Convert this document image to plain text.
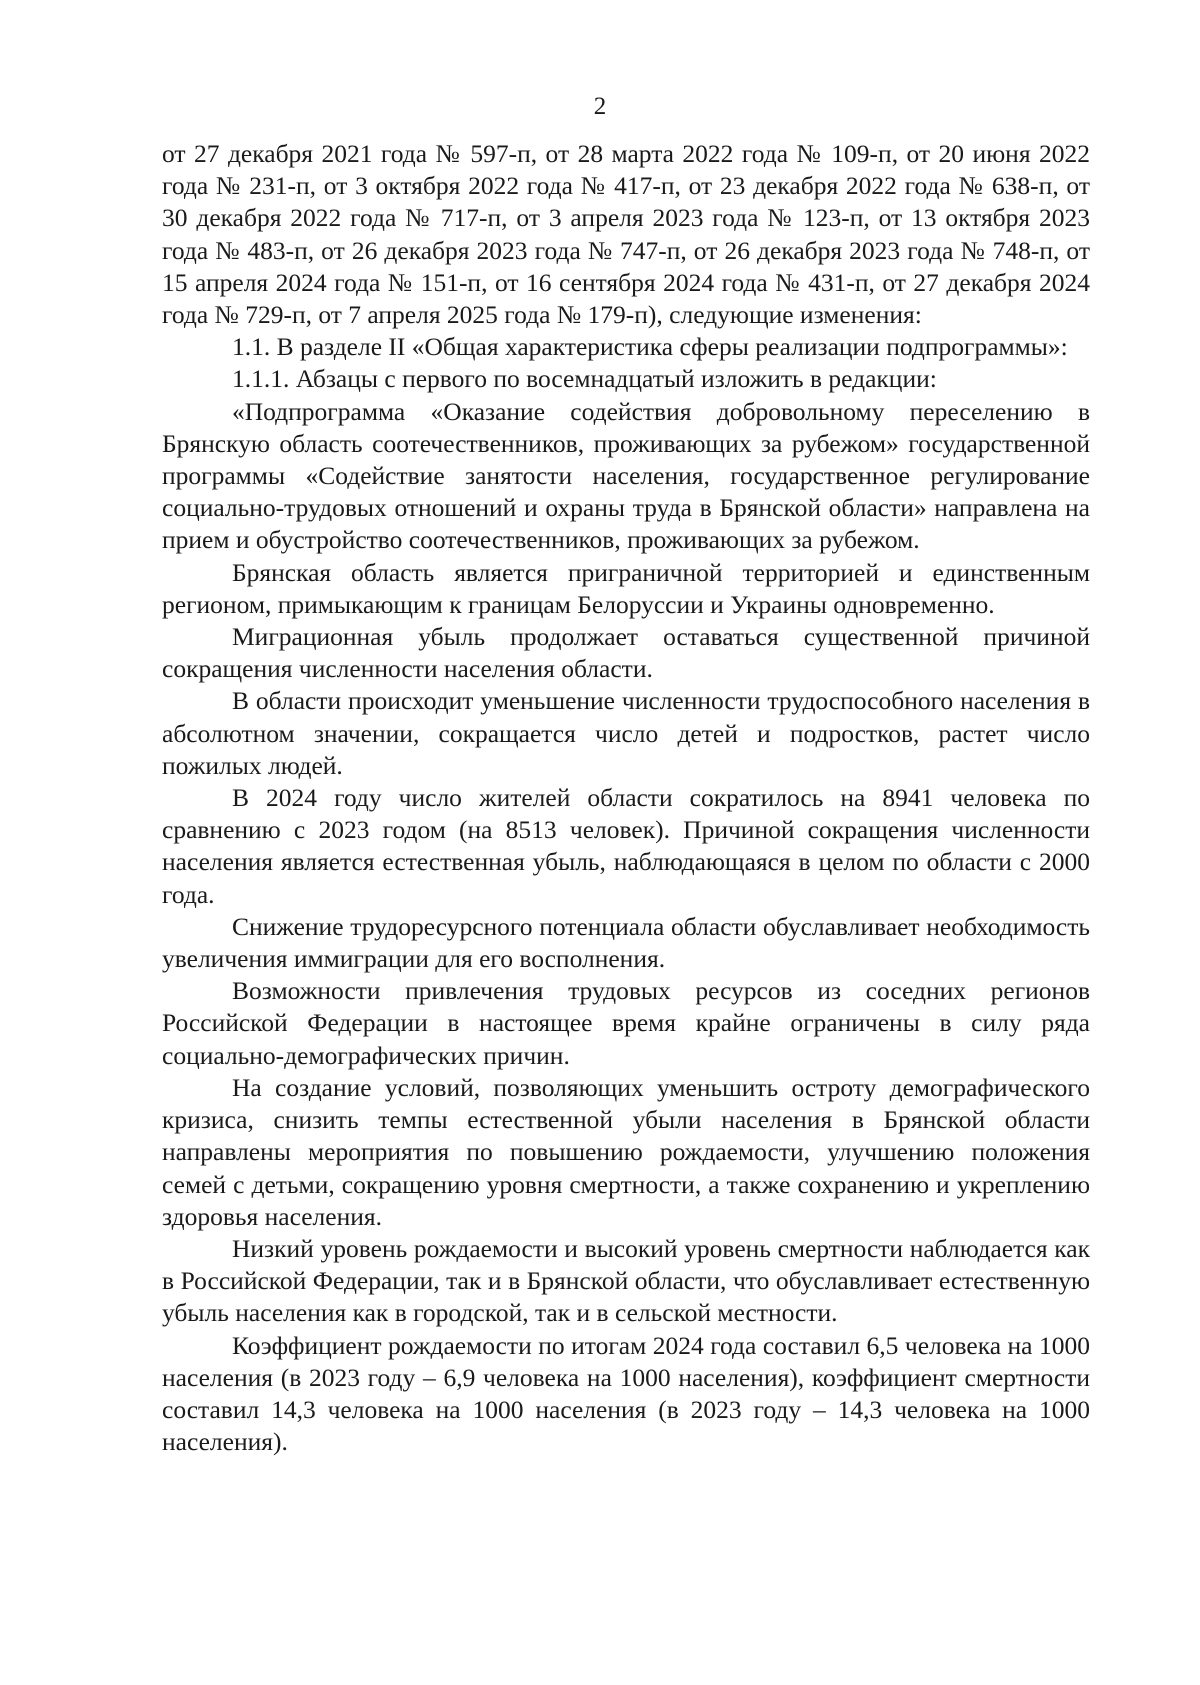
2

от 27 декабря 2021 года № 597-п, от 28 марта 2022 года № 109-п, от 20 июня 2022 года № 231-п, от 3 октября 2022 года № 417-п, от 23 декабря 2022 года № 638-п, от 30 декабря 2022 года № 717-п, от 3 апреля 2023 года № 123-п, от 13 октября 2023 года № 483-п, от 26 декабря 2023 года № 747-п, от 26 декабря 2023 года № 748-п, от 15 апреля 2024 года № 151-п, от 16 сентября 2024 года № 431-п, от 27 декабря 2024 года № 729-п, от 7 апреля 2025 года № 179-п), следующие изменения:

1.1. В разделе II «Общая характеристика сферы реализации подпрограммы»:

1.1.1. Абзацы с первого по восемнадцатый изложить в редакции:

«Подпрограмма «Оказание содействия добровольному переселению в Брянскую область соотечественников, проживающих за рубежом» государственной программы «Содействие занятости населения, государственное регулирование социально-трудовых отношений и охраны труда в Брянской области» направлена на прием и обустройство соотечественников, проживающих за рубежом.

Брянская область является приграничной территорией и единственным регионом, примыкающим к границам Белоруссии и Украины одновременно.

Миграционная убыль продолжает оставаться существенной причиной сокращения численности населения области.

В области происходит уменьшение численности трудоспособного населения в абсолютном значении, сокращается число детей и подростков, растет число пожилых людей.

В 2024 году число жителей области сократилось на 8941 человека по сравнению с 2023 годом (на 8513 человек). Причиной сокращения численности населения является естественная убыль, наблюдающаяся в целом по области с 2000 года.

Снижение трудоресурсного потенциала области обуславливает необходимость увеличения иммиграции для его восполнения.

Возможности привлечения трудовых ресурсов из соседних регионов Российской Федерации в настоящее время крайне ограничены в силу ряда социально-демографических причин.

На создание условий, позволяющих уменьшить остроту демографического кризиса, снизить темпы естественной убыли населения в Брянской области направлены мероприятия по повышению рождаемости, улучшению положения семей с детьми, сокращению уровня смертности, а также сохранению и укреплению здоровья населения.

Низкий уровень рождаемости и высокий уровень смертности наблюдается как в Российской Федерации, так и в Брянской области, что обуславливает естественную убыль населения как в городской, так и в сельской местности.

Коэффициент рождаемости по итогам 2024 года составил 6,5 человека на 1000 населения (в 2023 году – 6,9 человека на 1000 населения), коэффициент смертности составил 14,3 человека на 1000 населения (в 2023 году – 14,3 человека на 1000 населения).
